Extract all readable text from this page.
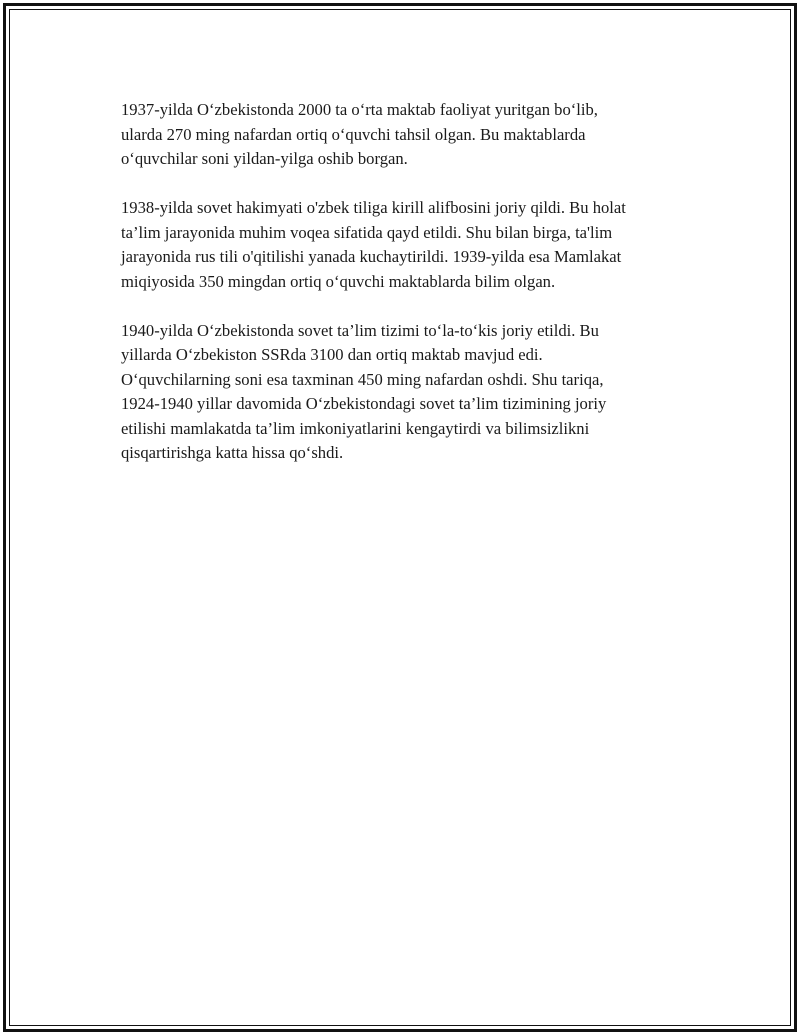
1937-yilda O‘zbekistonda 2000 ta o‘rta maktab faoliyat yuritgan bo‘lib,
ularda 270 ming nafardan ortiq o‘quvchi tahsil olgan. Bu maktablarda
o‘quvchilar soni yildan-yilga oshib borgan.

1938-yilda sovet hakimyati o'zbek tiliga kirill alifbosini joriy qildi. Bu holat
ta’lim jarayonida muhim voqea sifatida qayd etildi. Shu bilan birga, ta'lim
jarayonida rus tili o'qitilishi yanada kuchaytirildi. 1939-yilda esa Mamlakat
miqiyosida 350 mingdan ortiq o‘quvchi maktablarda bilim olgan.

1940-yilda O‘zbekistonda sovet ta’lim tizimi to‘la-to‘kis joriy etildi. Bu
yillarda O‘zbekiston SSRda 3100 dan ortiq maktab mavjud edi.
O‘quvchilarning soni esa taxminan 450 ming nafardan oshdi. Shu tariqa,
1924-1940 yillar davomida O‘zbekistondagi sovet ta’lim tizimining joriy
etilishi mamlakatda ta’lim imkoniyatlarini kengaytirdi va bilimsizlikni
qisqartirishga katta hissa qo‘shdi.
